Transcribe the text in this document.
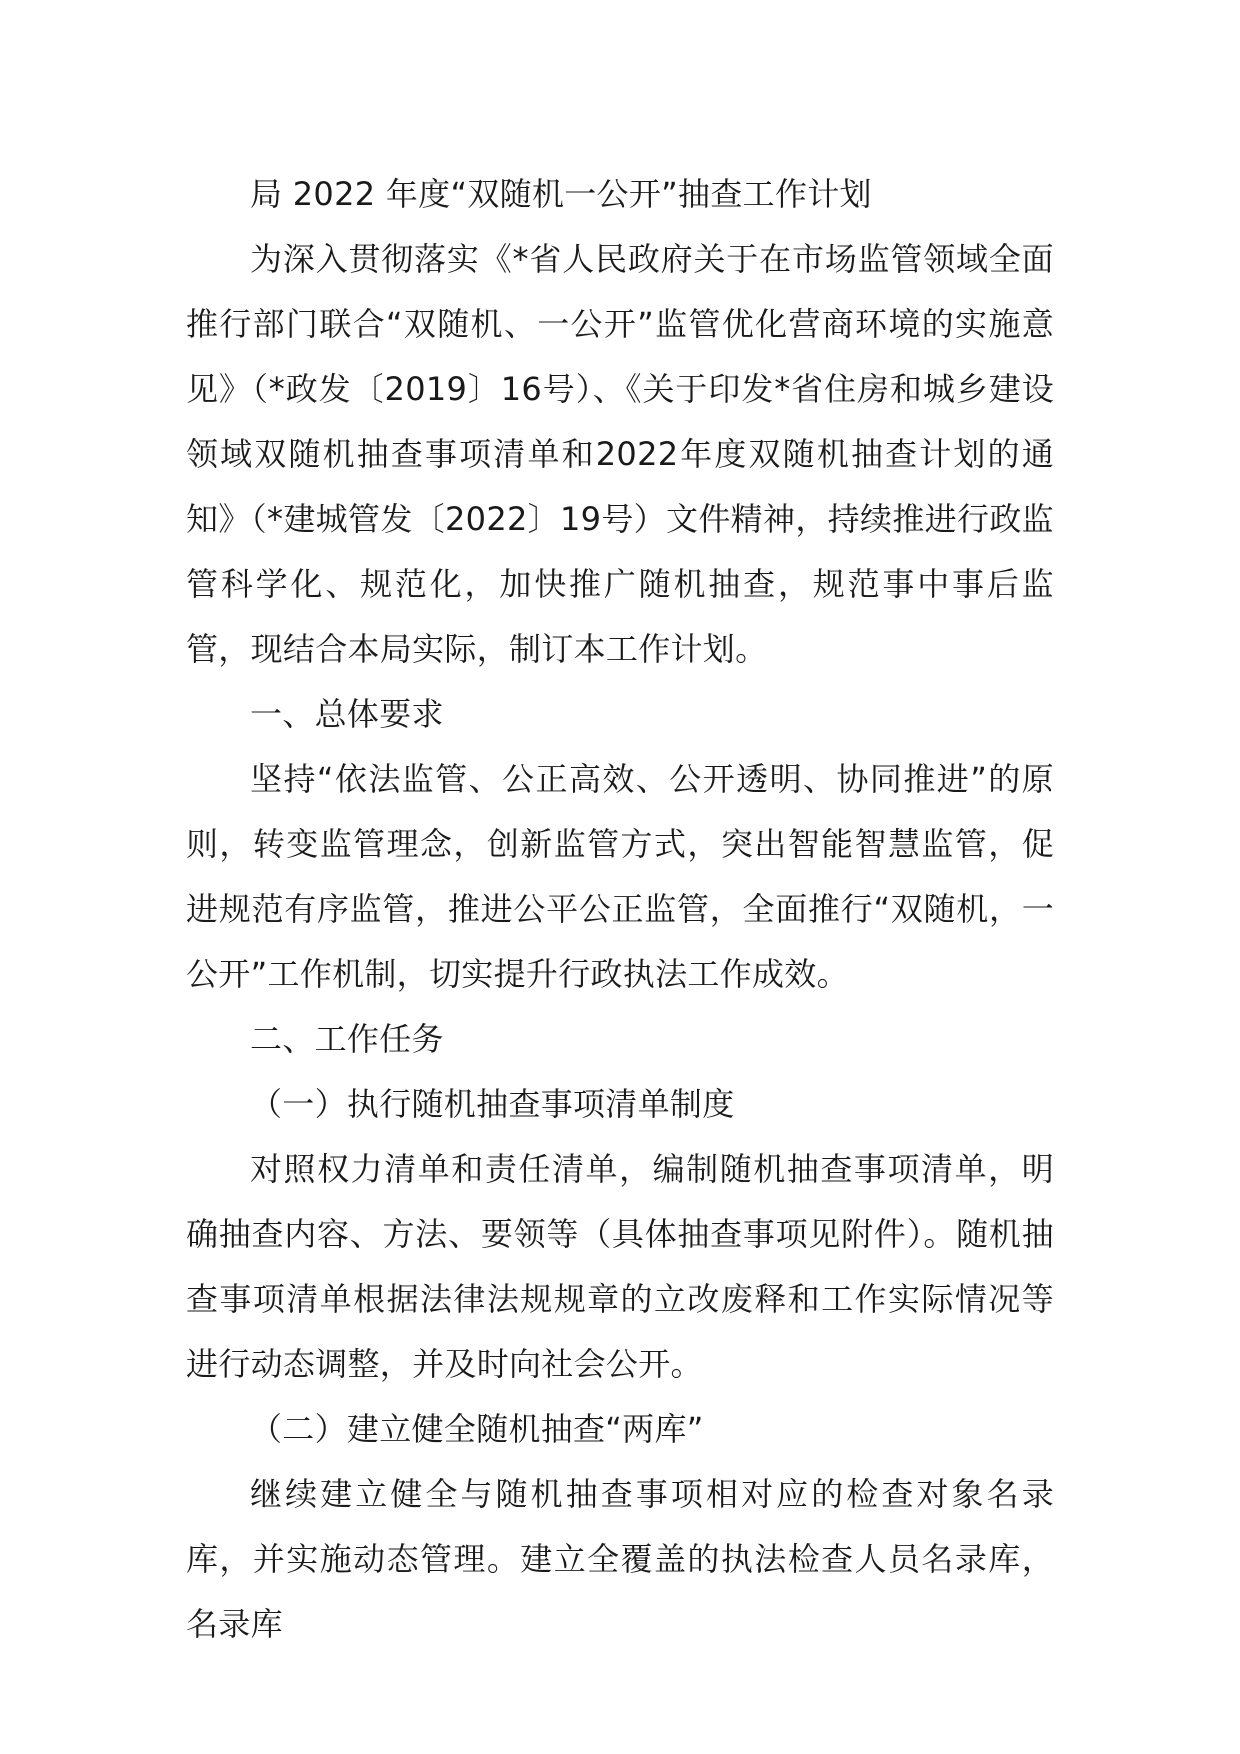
局 2022 年度“双随机一公开”抽查工作计划

为深入贯彻落实《*省人民政府关于在市场监管领域全面推行部门联合“双随机、一公开”监管优化营商环境的实施意见》（*政发〔2019〕16号）、《关于印发*省住房和城乡建设领域双随机抽查事项清单和2022年度双随机抽查计划的通知》（*建城管发〔2022〕19号）文件精神，持续推进行政监管科学化、规范化，加快推广随机抽查，规范事中事后监管，现结合本局实际，制订本工作计划。

一、总体要求

坚持“依法监管、公正高效、公开透明、协同推进”的原则，转变监管理念，创新监管方式，突出智能智慧监管，促进规范有序监管，推进公平公正监管，全面推行“双随机，一公开”工作机制，切实提升行政执法工作成效。

二、工作任务

（一）执行随机抽查事项清单制度

对照权力清单和责任清单，编制随机抽查事项清单，明确抽查内容、方法、要领等（具体抽查事项见附件）。随机抽查事项清单根据法律法规规章的立改废释和工作实际情况等进行动态调整，并及时向社会公开。

（二）建立健全随机抽查“两库”

继续建立健全与随机抽查事项相对应的检查对象名录库，并实施动态管理。建立全覆盖的执法检查人员名录库，名录库
